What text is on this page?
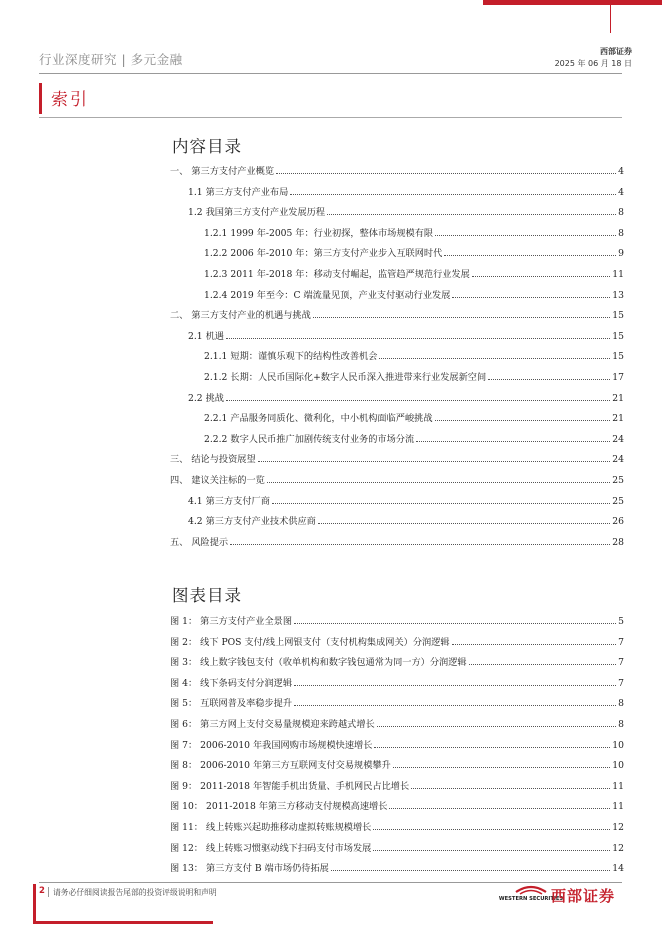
行业深度研究 | 多元金融
西部证券
2025 年 06 月 18 日
索引
内容目录
一、 第三方支付产业概览	4
1.1 第三方支付产业布局	4
1.2 我国第三方支付产业发展历程	8
1.2.1 1999 年-2005 年：行业初探，整体市场规模有限	8
1.2.2 2006 年-2010 年：第三方支付产业步入互联网时代	9
1.2.3 2011 年-2018 年：移动支付崛起，监管趋严规范行业发展	11
1.2.4 2019 年至今：C 端流量见顶，产业支付驱动行业发展	13
二、 第三方支付产业的机遇与挑战	15
2.1 机遇	15
2.1.1 短期：谨慎乐观下的结构性改善机会	15
2.1.2 长期：人民币国际化+数字人民币深入推进带来行业发展新空间	17
2.2 挑战	21
2.2.1 产品服务同质化、微利化，中小机构面临严峻挑战	21
2.2.2 数字人民币推广加剧传统支付业务的市场分流	24
三、 结论与投资展望	24
四、 建议关注标的一览	25
4.1 第三方支付厂商	25
4.2 第三方支付产业技术供应商	26
五、 风险提示	28
图表目录
图 1： 第三方支付产业全景图	5
图 2： 线下 POS 支付/线上网银支付（支付机构集成网关）分润逻辑	7
图 3： 线上数字钱包支付（收单机构和数字钱包通常为同一方）分润逻辑	7
图 4： 线下条码支付分润逻辑	7
图 5： 互联网普及率稳步提升	8
图 6： 第三方网上支付交易量规模迎来跨越式增长	8
图 7： 2006-2010 年我国网购市场规模快速增长	10
图 8： 2006-2010 年第三方互联网支付交易规模攀升	10
图 9： 2011-2018 年智能手机出货量、手机网民占比增长	11
图 10： 2011-2018 年第三方移动支付规模高速增长	11
图 11： 线上转账兴起助推移动虚拟转账规模增长	12
图 12： 线上转账习惯驱动线下扫码支付市场发展	12
图 13： 第三方支付 B 端市场仍待拓展	14
2 请务必仔细阅读报告尾部的投资评级说明和声明
WESTERN SECURITIES
西部证券
